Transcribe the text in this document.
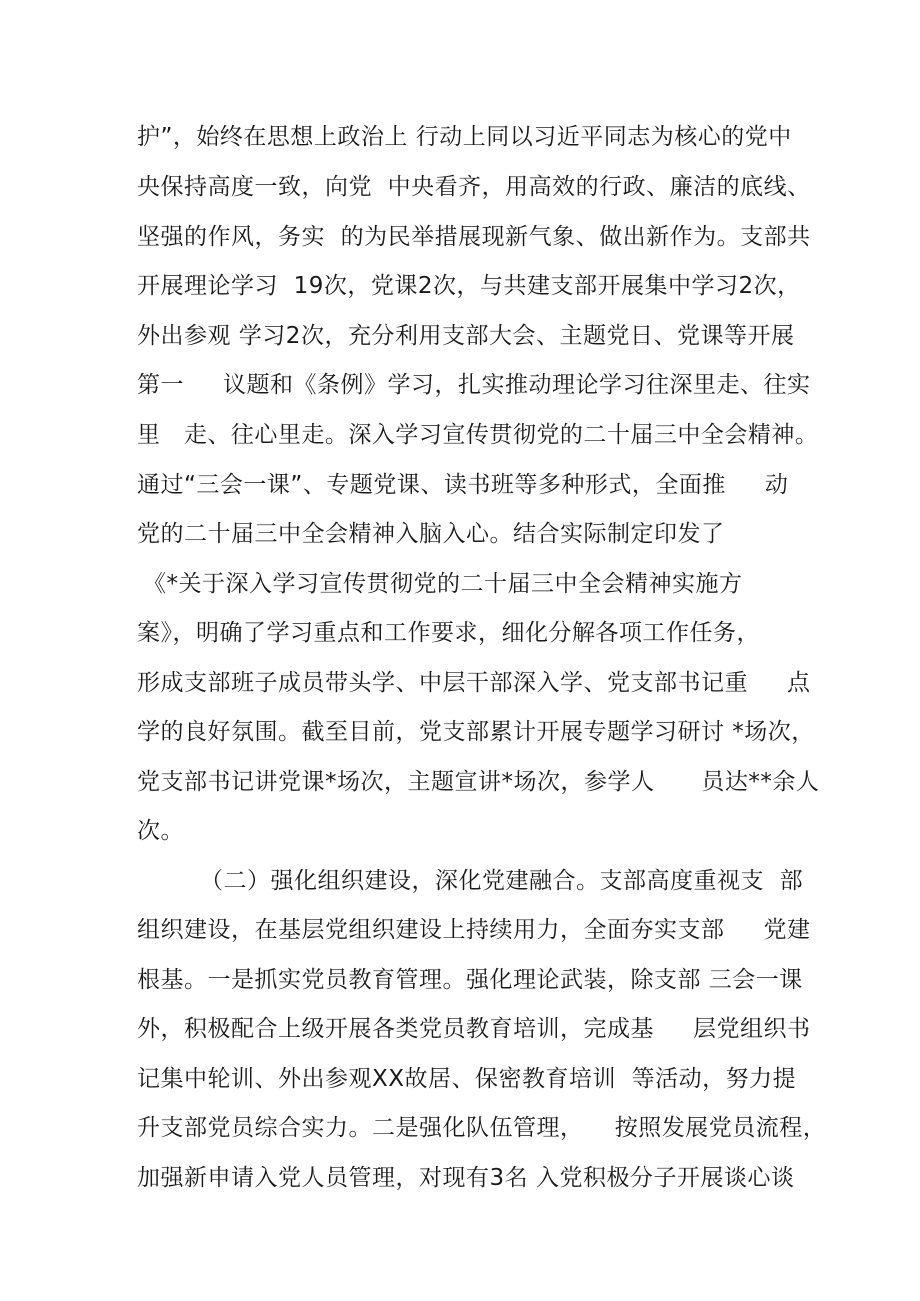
护”，始终在思想上政治上 行动上同以习近平同志为核心的党中
央保持高度一致，向党  中央看齐，用高效的行政、廉洁的底线、
坚强的作风，务实  的为民举措展现新气象、做出新作为。支部共
开展理论学习  19次，党课2次，与共建支部开展集中学习2次，
外出参观 学习2次，充分利用支部大会、主题党日、党课等开展
第一     议题和《条例》学习，扎实推动理论学习往深里走、往实
里   走、往心里走。深入学习宣传贯彻党的二十届三中全会精神。
通过“三会一课”、专题党课、读书班等多种形式，全面推     动
党的二十届三中全会精神入脑入心。结合实际制定印发了
《*关于深入学习宣传贯彻党的二十届三中全会精神实施方
案》，明确了学习重点和工作要求，细化分解各项工作任务，
形成支部班子成员带头学、中层干部深入学、党支部书记重     点
学的良好氛围。截至目前，党支部累计开展专题学习研讨 *场次，
党支部书记讲党课*场次，主题宣讲*场次，参学人      员达**余人
次。
（二）强化组织建设，深化党建融合。支部高度重视支  部
组织建设，在基层党组织建设上持续用力，全面夯实支部     党建
根基。一是抓实党员教育管理。强化理论武装，除支部 三会一课
外，积极配合上级开展各类党员教育培训，完成基     层党组织书
记集中轮训、外出参观XX故居、保密教育培训  等活动，努力提
升支部党员综合实力。二是强化队伍管理，    按照发展党员流程，
加强新申请入党人员管理，对现有3名 入党积极分子开展谈心谈
